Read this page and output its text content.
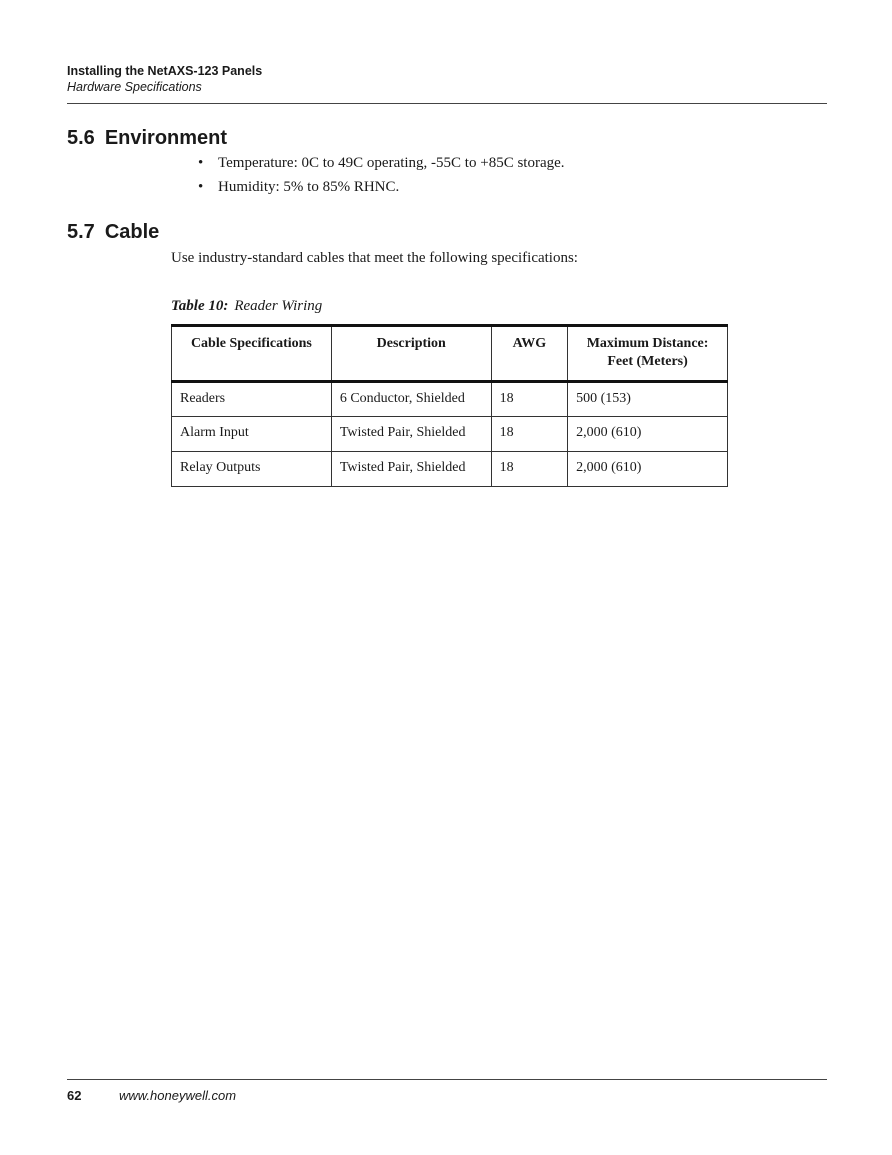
Installing the NetAXS-123 Panels

Hardware Specifications

5.6 Environment
• Temperature: 0C to 49C operating, -55C to +85C storage.
• Humidity: 5% to 85% RHNC.
5.7 Cable

Use industry-standard cables that meet the following specifications:

Table 10: Reader Wiring

Cable Specifications	Description	AWG	Maximum Distance: Feet (Meters)
Readers	6 Conductor, Shielded	18	500 (153)
Alarm Input	Twisted Pair, Shielded	18	2,000 (610)
Relay Outputs	Twisted Pair, Shielded	18	2,000 (610)
62	www.honeywell.com
